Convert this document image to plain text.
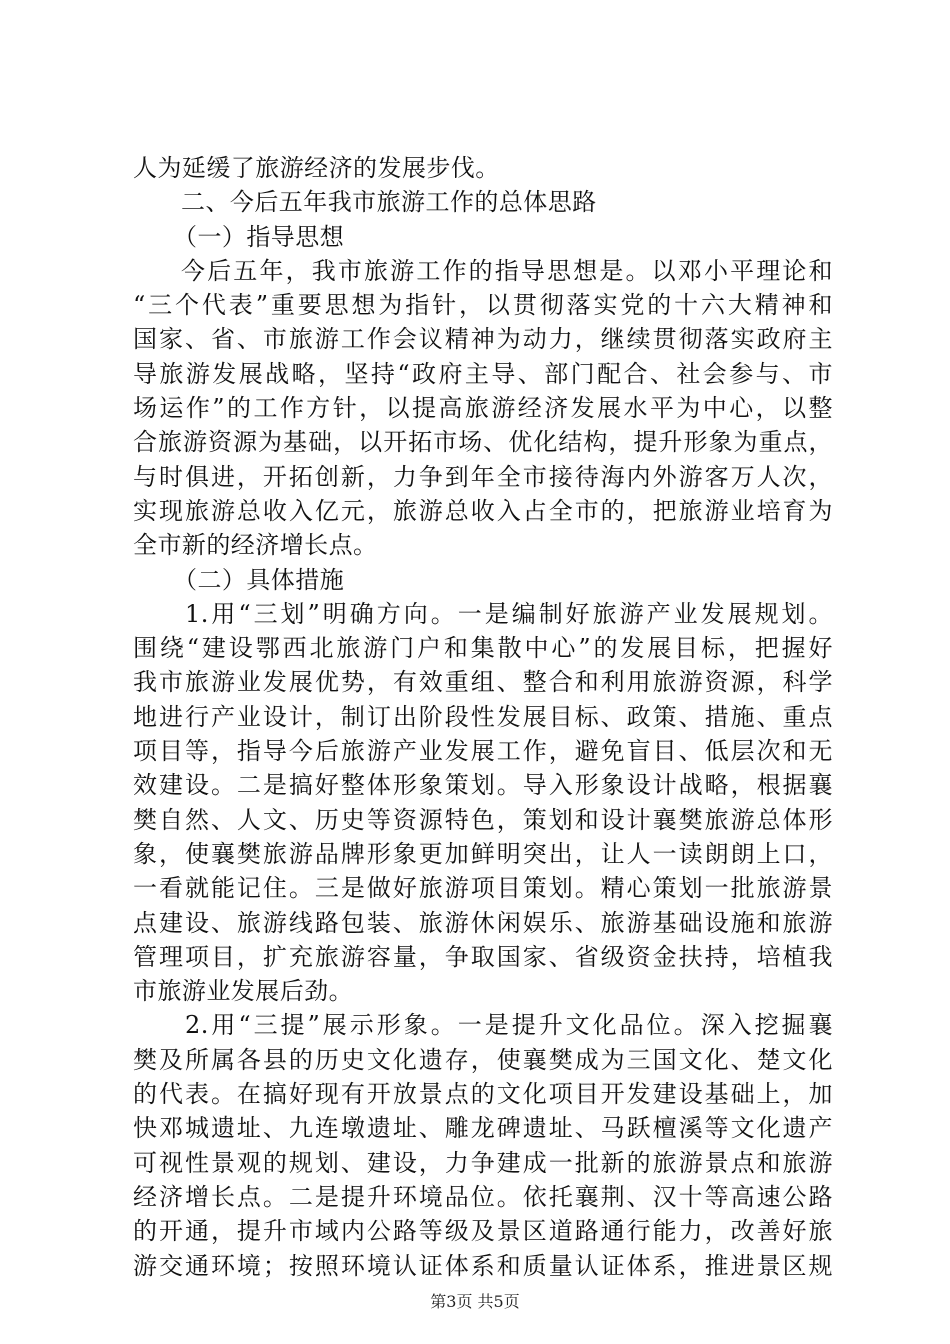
人为延缓了旅游经济的发展步伐。
二、今后五年我市旅游工作的总体思路
（一）指导思想
今后五年，我市旅游工作的指导思想是。以邓小平理论和
“三个代表”重要思想为指针，以贯彻落实党的十六大精神和
国家、省、市旅游工作会议精神为动力，继续贯彻落实政府主
导旅游发展战略，坚持“政府主导、部门配合、社会参与、市
场运作”的工作方针，以提高旅游经济发展水平为中心，以整
合旅游资源为基础，以开拓市场、优化结构，提升形象为重点，
与时俱进，开拓创新，力争到年全市接待海内外游客万人次，
实现旅游总收入亿元，旅游总收入占全市的，把旅游业培育为
全市新的经济增长点。
（二）具体措施
1.用“三划”明确方向。一是编制好旅游产业发展规划。
围绕“建设鄂西北旅游门户和集散中心”的发展目标，把握好
我市旅游业发展优势，有效重组、整合和利用旅游资源，科学
地进行产业设计，制订出阶段性发展目标、政策、措施、重点
项目等，指导今后旅游产业发展工作，避免盲目、低层次和无
效建设。二是搞好整体形象策划。导入形象设计战略，根据襄
樊自然、人文、历史等资源特色，策划和设计襄樊旅游总体形
象，使襄樊旅游品牌形象更加鲜明突出，让人一读朗朗上口，
一看就能记住。三是做好旅游项目策划。精心策划一批旅游景
点建设、旅游线路包装、旅游休闲娱乐、旅游基础设施和旅游
管理项目，扩充旅游容量，争取国家、省级资金扶持，培植我
市旅游业发展后劲。
2.用“三提”展示形象。一是提升文化品位。深入挖掘襄
樊及所属各县的历史文化遗存，使襄樊成为三国文化、楚文化
的代表。在搞好现有开放景点的文化项目开发建设基础上，加
快邓城遗址、九连墩遗址、雕龙碑遗址、马跃檀溪等文化遗产
可视性景观的规划、建设，力争建成一批新的旅游景点和旅游
经济增长点。二是提升环境品位。依托襄荆、汉十等高速公路
的开通，提升市域内公路等级及景区道路通行能力，改善好旅
游交通环境；按照环境认证体系和质量认证体系，推进景区规
第3页 共5页
